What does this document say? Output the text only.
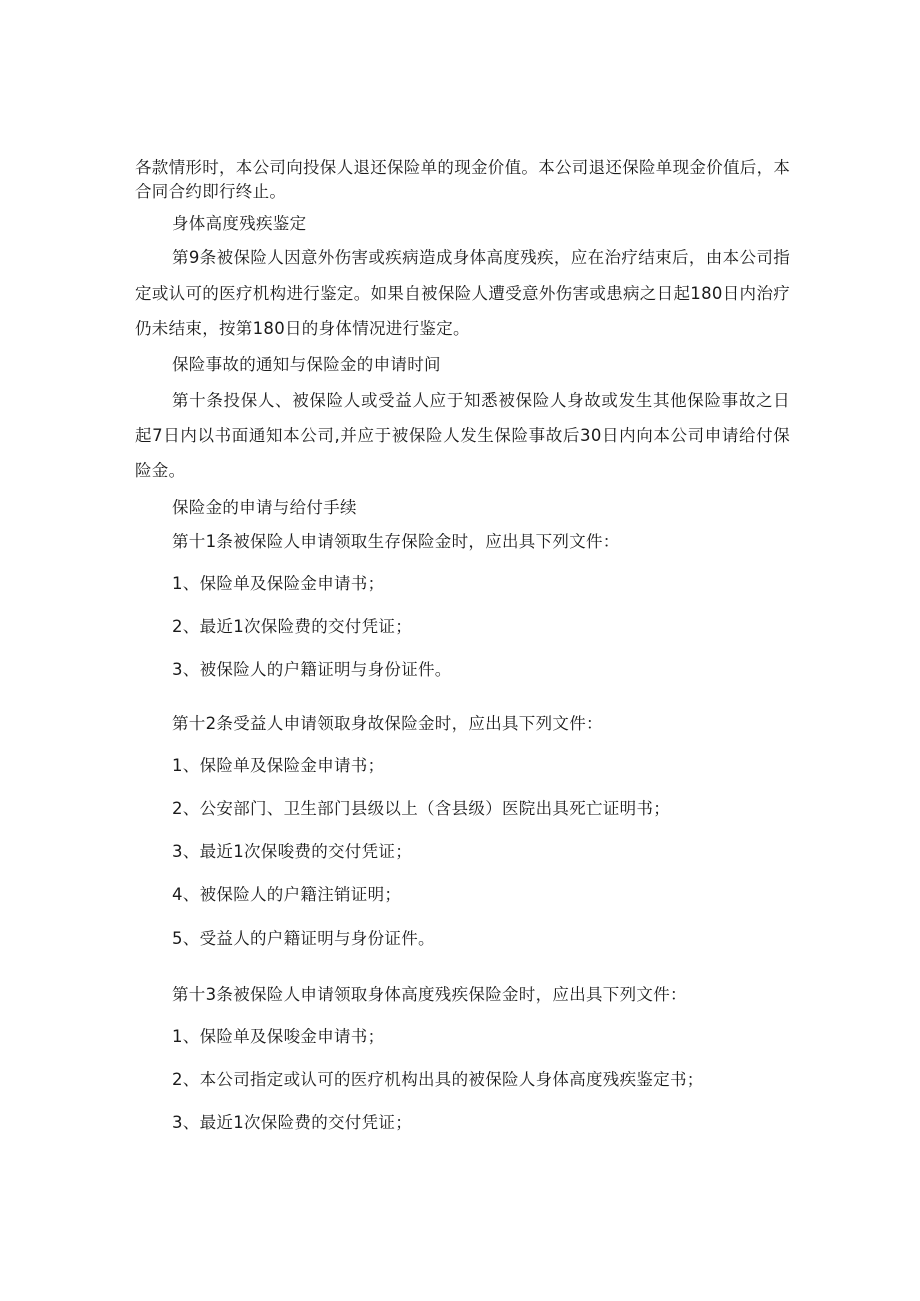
各款情形时，本公司向投保人退还保险单的现金价值。本公司退还保险单现金价值后，本

合同合约即行终止。

身体高度残疾鉴定

第9条被保险人因意外伤害或疾病造成身体高度残疾，应在治疗结束后，由本公司指

定或认可的医疗机构进行鉴定。如果自被保险人遭受意外伤害或患病之日起180日内治疗

仍未结束，按第180日的身体情况进行鉴定。

保险事故的通知与保险金的申请时间

第十条投保人、被保险人或受益人应于知悉被保险人身故或发生其他保险事故之日

起7日内以书面通知本公司,并应于被保险人发生保险事故后30日内向本公司申请给付保

险金。

保险金的申请与给付手续

第十1条被保险人申请领取生存保险金时，应出具下列文件：

1、保险单及保险金申请书；

2、最近1次保险费的交付凭证；

3、被保险人的户籍证明与身份证件。

第十2条受益人申请领取身故保险金时，应出具下列文件：

1、保险单及保险金申请书；

2、公安部门、卫生部门县级以上（含县级）医院出具死亡证明书；

3、最近1次保唆费的交付凭证；

4、被保险人的户籍注销证明；

5、受益人的户籍证明与身份证件。

第十3条被保险人申请领取身体高度残疾保险金时，应出具下列文件：

1、保险单及保唆金申请书；

2、本公司指定或认可的医疗机构出具的被保险人身体高度残疾鉴定书；

3、最近1次保险费的交付凭证；
